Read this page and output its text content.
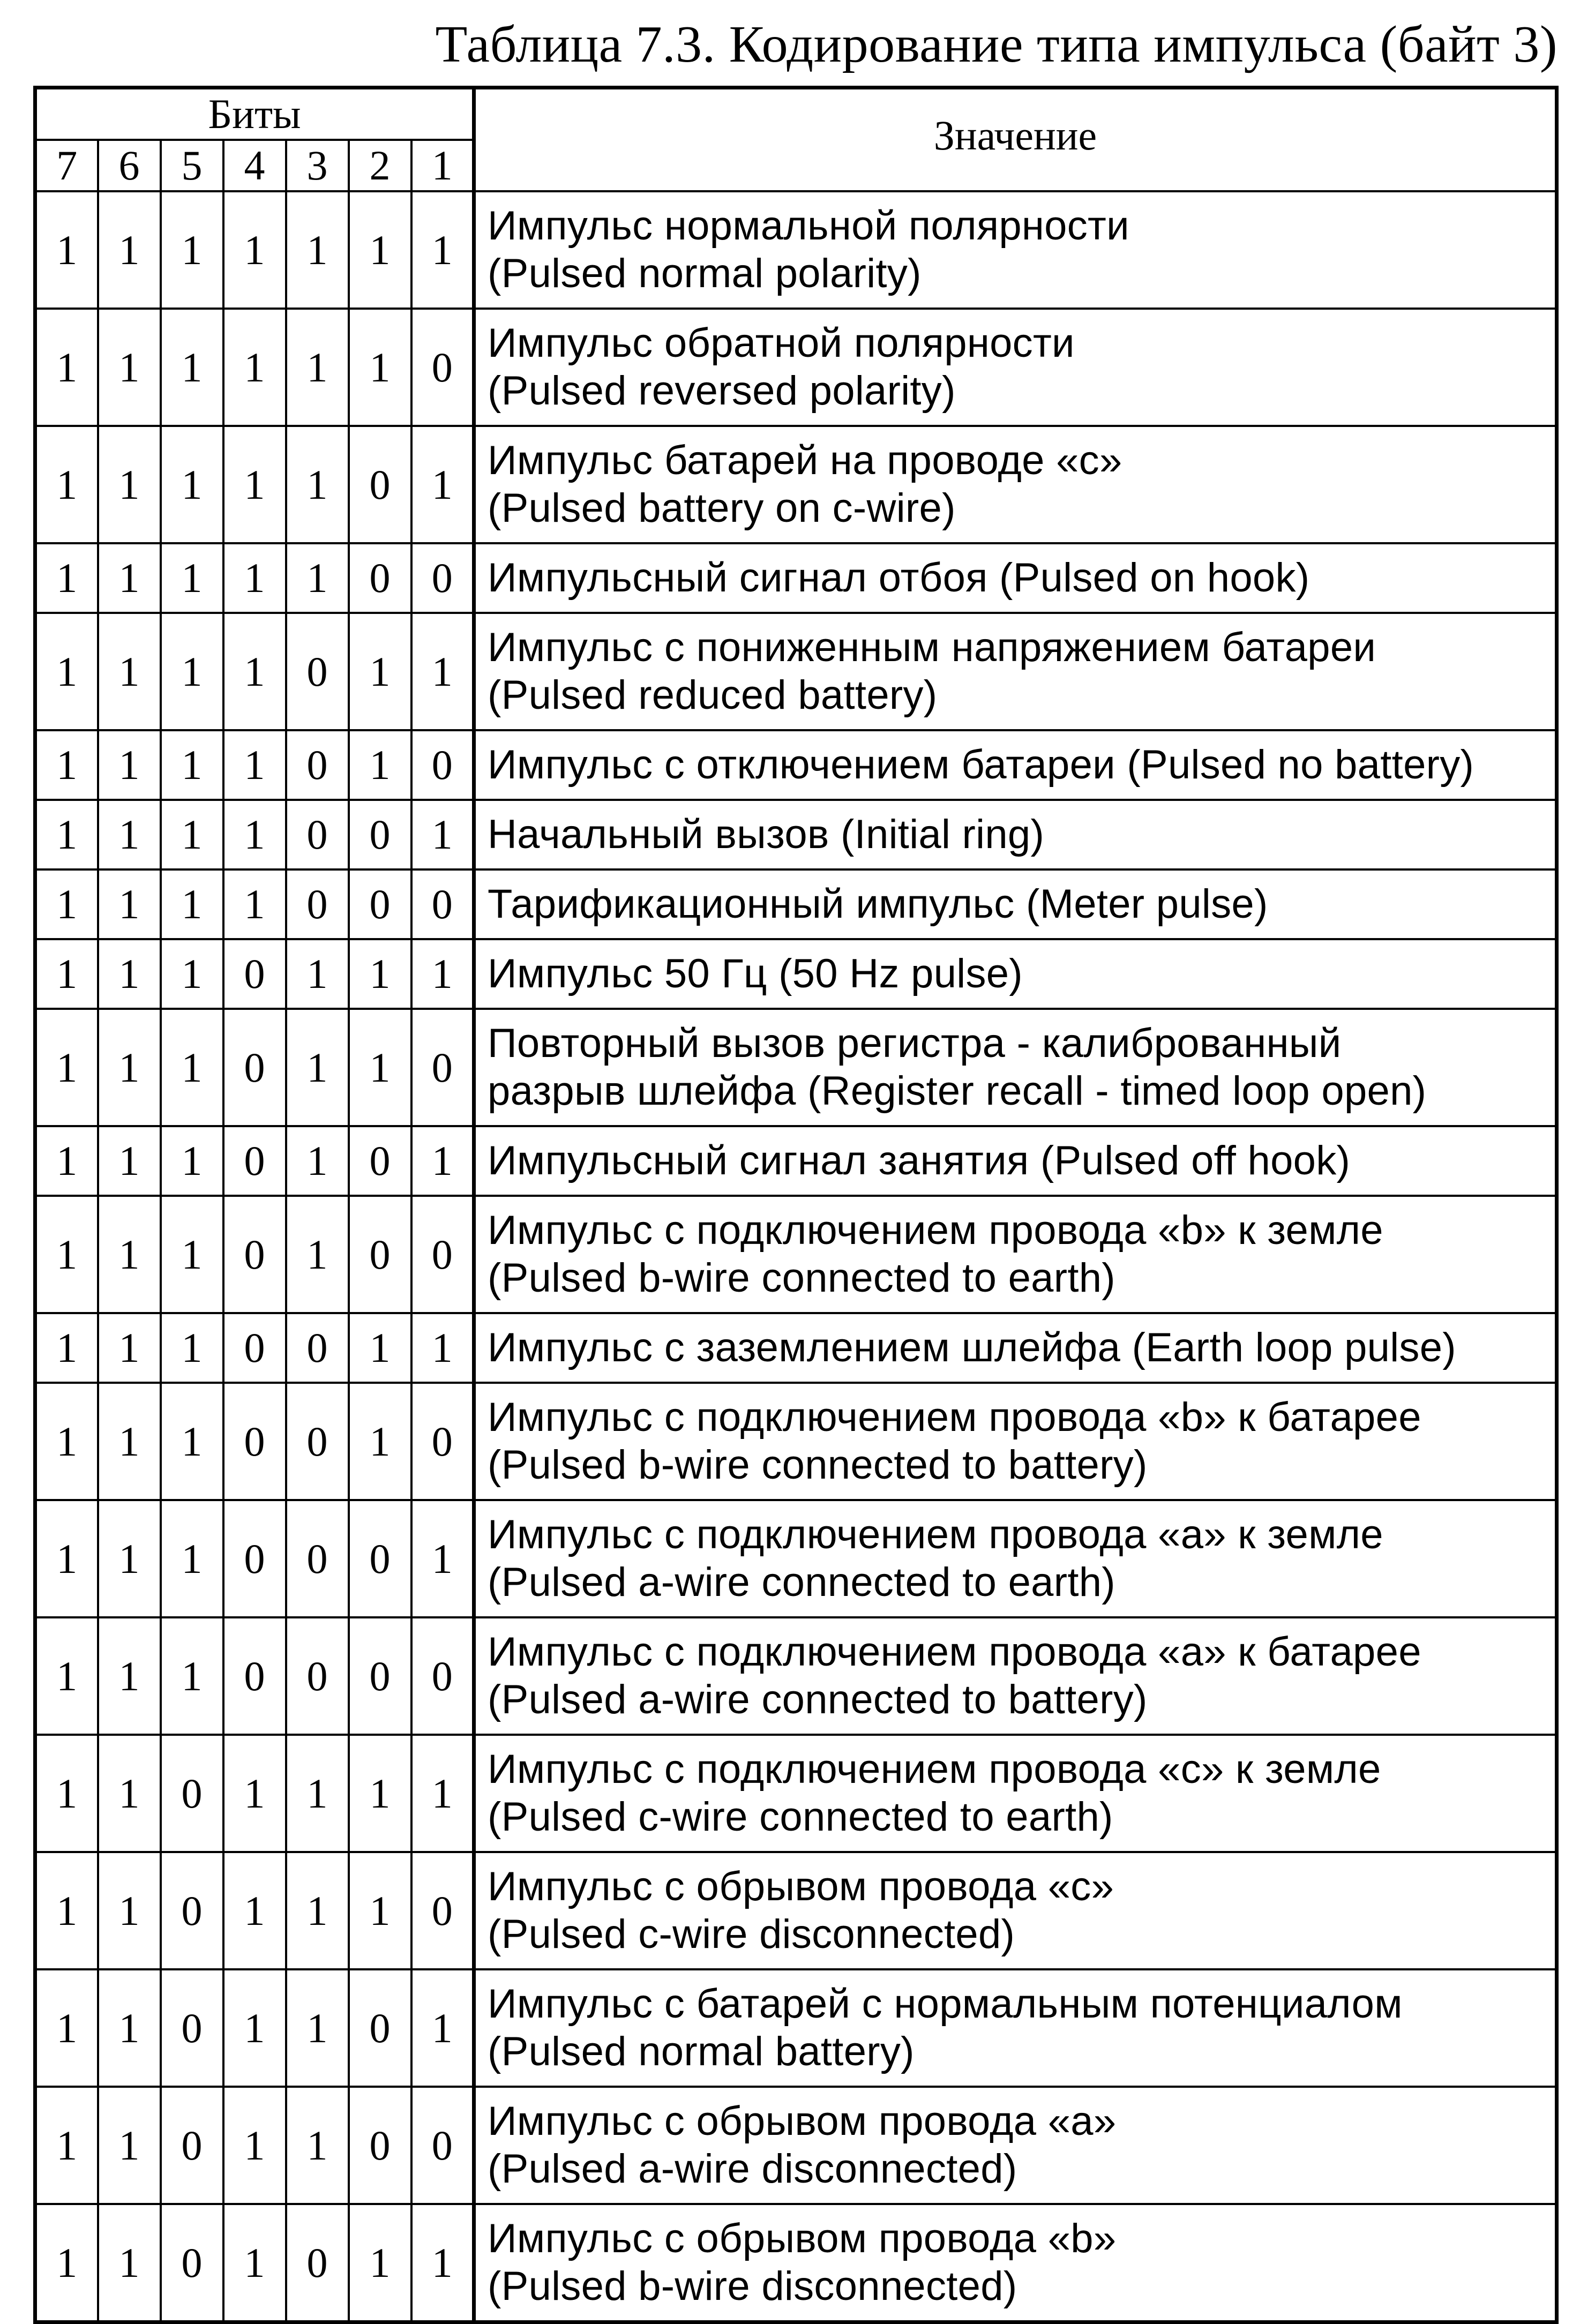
Таблица 7.3. Кодирование типа импульса (байт 3)
Биты							Значение
7	6	5	4	3	2	1	
1	1	1	1	1	1	1	Импульс нормальной полярности
(Pulsed normal polarity)

1	1	1	1	1	1	0	Импульс обратной полярности
(Pulsed reversed polarity)

1	1	1	1	1	0	1	Импульс батарей на проводе «с»
(Pulsed battery on c-wire)

1	1	1	1	1	0	0	Импульсный сигнал отбоя (Pulsed on hook)

1	1	1	1	0	1	1	Импульс с пониженным напряжением батареи
(Pulsed reduced battery)

1	1	1	1	0	1	0	Импульс с отключением батареи (Pulsed no battery)

1	1	1	1	0	0	1	Начальный вызов (Initial ring)

1	1	1	1	0	0	0	Тарификационный импульс (Meter pulse)

1	1	1	0	1	1	1	Импульс 50 Гц (50 Hz pulse)

1	1	1	0	1	1	0	Повторный вызов регистра - калиброванный
разрыв шлейфа (Register recall - timed loop open)

1	1	1	0	1	0	1	Импульсный сигнал занятия (Pulsed off hook)

1	1	1	0	1	0	0	Импульс с подключением провода «b» к земле
(Pulsed b-wire connected to earth)

1	1	1	0	0	1	1	Импульс с заземлением шлейфа (Earth loop pulse)

1	1	1	0	0	1	0	Импульс с подключением провода «b» к батарее
(Pulsed b-wire connected to battery)

1	1	1	0	0	0	1	Импульс с подключением провода «а» к земле
(Pulsed a-wire connected to earth)

1	1	1	0	0	0	0	Импульс с подключением провода «а» к батарее
(Pulsed a-wire connected to battery)

1	1	0	1	1	1	1	Импульс с подключением провода «с» к земле
(Pulsed c-wire connected to earth)

1	1	0	1	1	1	0	Импульс с обрывом провода «с»
(Pulsed c-wire disconnected)

1	1	0	1	1	0	1	Импульс с батарей с нормальным потенциалом
(Pulsed normal battery)

1	1	0	1	1	0	0	Импульс с обрывом провода «а»
(Pulsed a-wire disconnected)

1	1	0	1	0	1	1	Импульс с обрывом провода «b»
(Pulsed b-wire disconnected)
